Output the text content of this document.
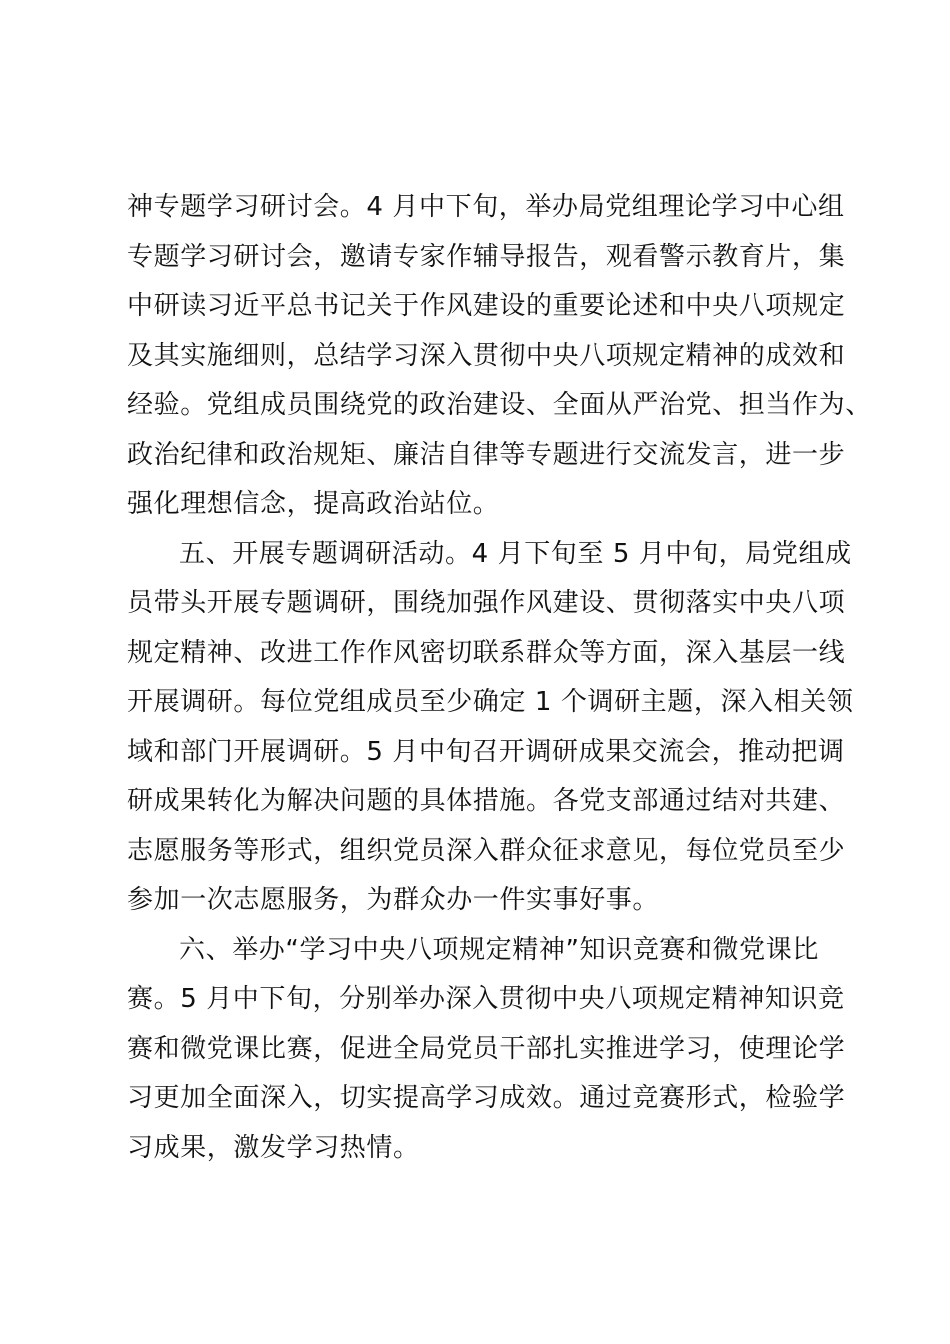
神专题学习研讨会。4 月中下旬，举办局党组理论学习中心组
专题学习研讨会，邀请专家作辅导报告，观看警示教育片，集
中研读习近平总书记关于作风建设的重要论述和中央八项规定
及其实施细则，总结学习深入贯彻中央八项规定精神的成效和
经验。党组成员围绕党的政治建设、全面从严治党、担当作为、
政治纪律和政治规矩、廉洁自律等专题进行交流发言，进一步
强化理想信念，提高政治站位。
五、开展专题调研活动。4 月下旬至 5 月中旬，局党组成
员带头开展专题调研，围绕加强作风建设、贯彻落实中央八项
规定精神、改进工作作风密切联系群众等方面，深入基层一线
开展调研。每位党组成员至少确定 1 个调研主题，深入相关领
域和部门开展调研。5 月中旬召开调研成果交流会，推动把调
研成果转化为解决问题的具体措施。各党支部通过结对共建、
志愿服务等形式，组织党员深入群众征求意见，每位党员至少
参加一次志愿服务，为群众办一件实事好事。
六、举办“学习中央八项规定精神”知识竞赛和微党课比
赛。5 月中下旬，分别举办深入贯彻中央八项规定精神知识竞
赛和微党课比赛，促进全局党员干部扎实推进学习，使理论学
习更加全面深入，切实提高学习成效。通过竞赛形式，检验学
习成果，激发学习热情。
